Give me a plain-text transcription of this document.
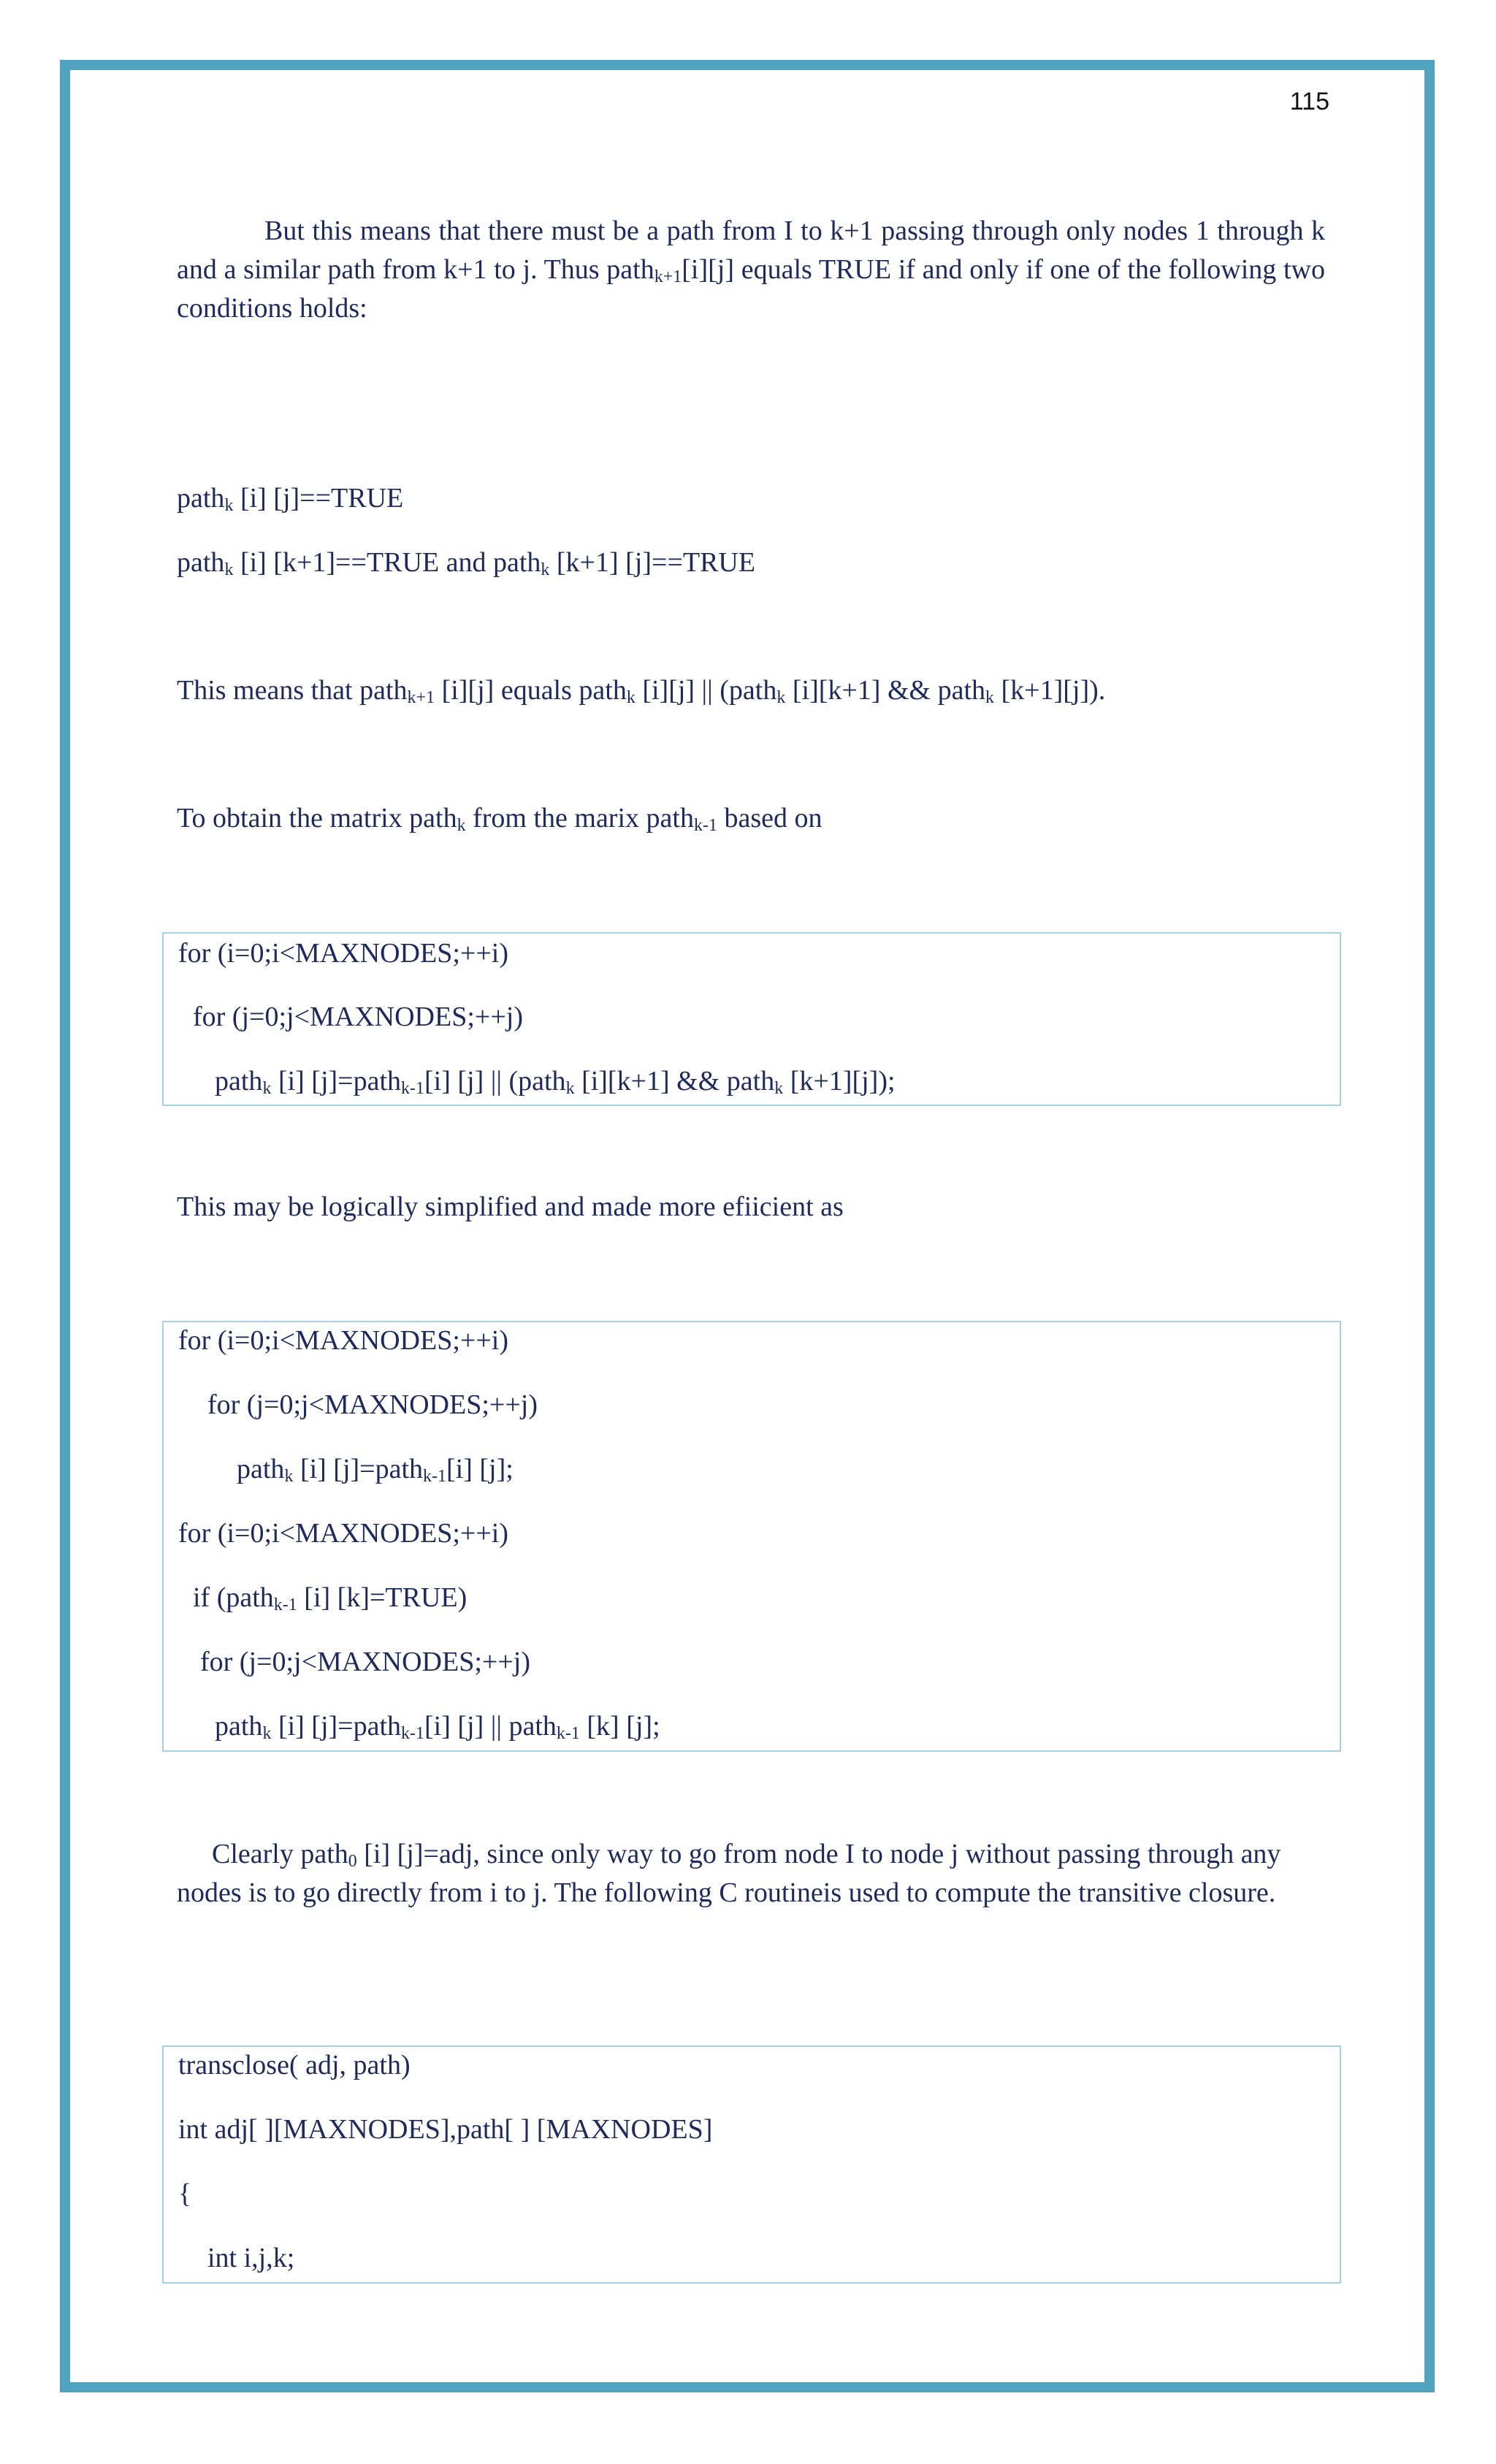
115
But this means that there must be a path from I to k+1 passing through only nodes 1 through k and a similar path from k+1 to j. Thus path$_{k+1}$[i][j] equals TRUE if and only if one of the following two conditions holds:
path$_k$ [i] [j]==TRUE
path$_k$ [i] [k+1]==TRUE and path$_k$ [k+1] [j]==TRUE
This means that path$_{k+1}$ [i][j] equals path$_k$ [i][j] || (path$_k$ [i][k+1] && path$_k$ [k+1][j]).
To obtain the matrix path$_k$ from the marix path$_{k-1}$ based on
for (i=0;i<MAXNODES;++i)
for (j=0;j<MAXNODES;++j)
path$_k$ [i] [j]=path$_{k-1}$[i] [j] || (path$_k$ [i][k+1] && path$_k$ [k+1][j]);
This may be logically simplified and made more efiicient as
for (i=0;i<MAXNODES;++i)
for (j=0;j<MAXNODES;++j)
path$_k$ [i] [j]=path$_{k-1}$[i] [j];
for (i=0;i<MAXNODES;++i)
if (path$_{k-1}$ [i] [k]=TRUE)
for (j=0;j<MAXNODES;++j)
path$_k$ [i] [j]=path$_{k-1}$[i] [j] || path$_{k-1}$ [k] [j];
Clearly path$_0$ [i] [j]=adj, since only way to go from node I to node j without passing through any nodes is to go directly from i to j. The following C routineis used to compute the transitive closure.
transclose( adj, path)
int adj[ ][MAXNODES],path[ ] [MAXNODES]
{
int i,j,k;
